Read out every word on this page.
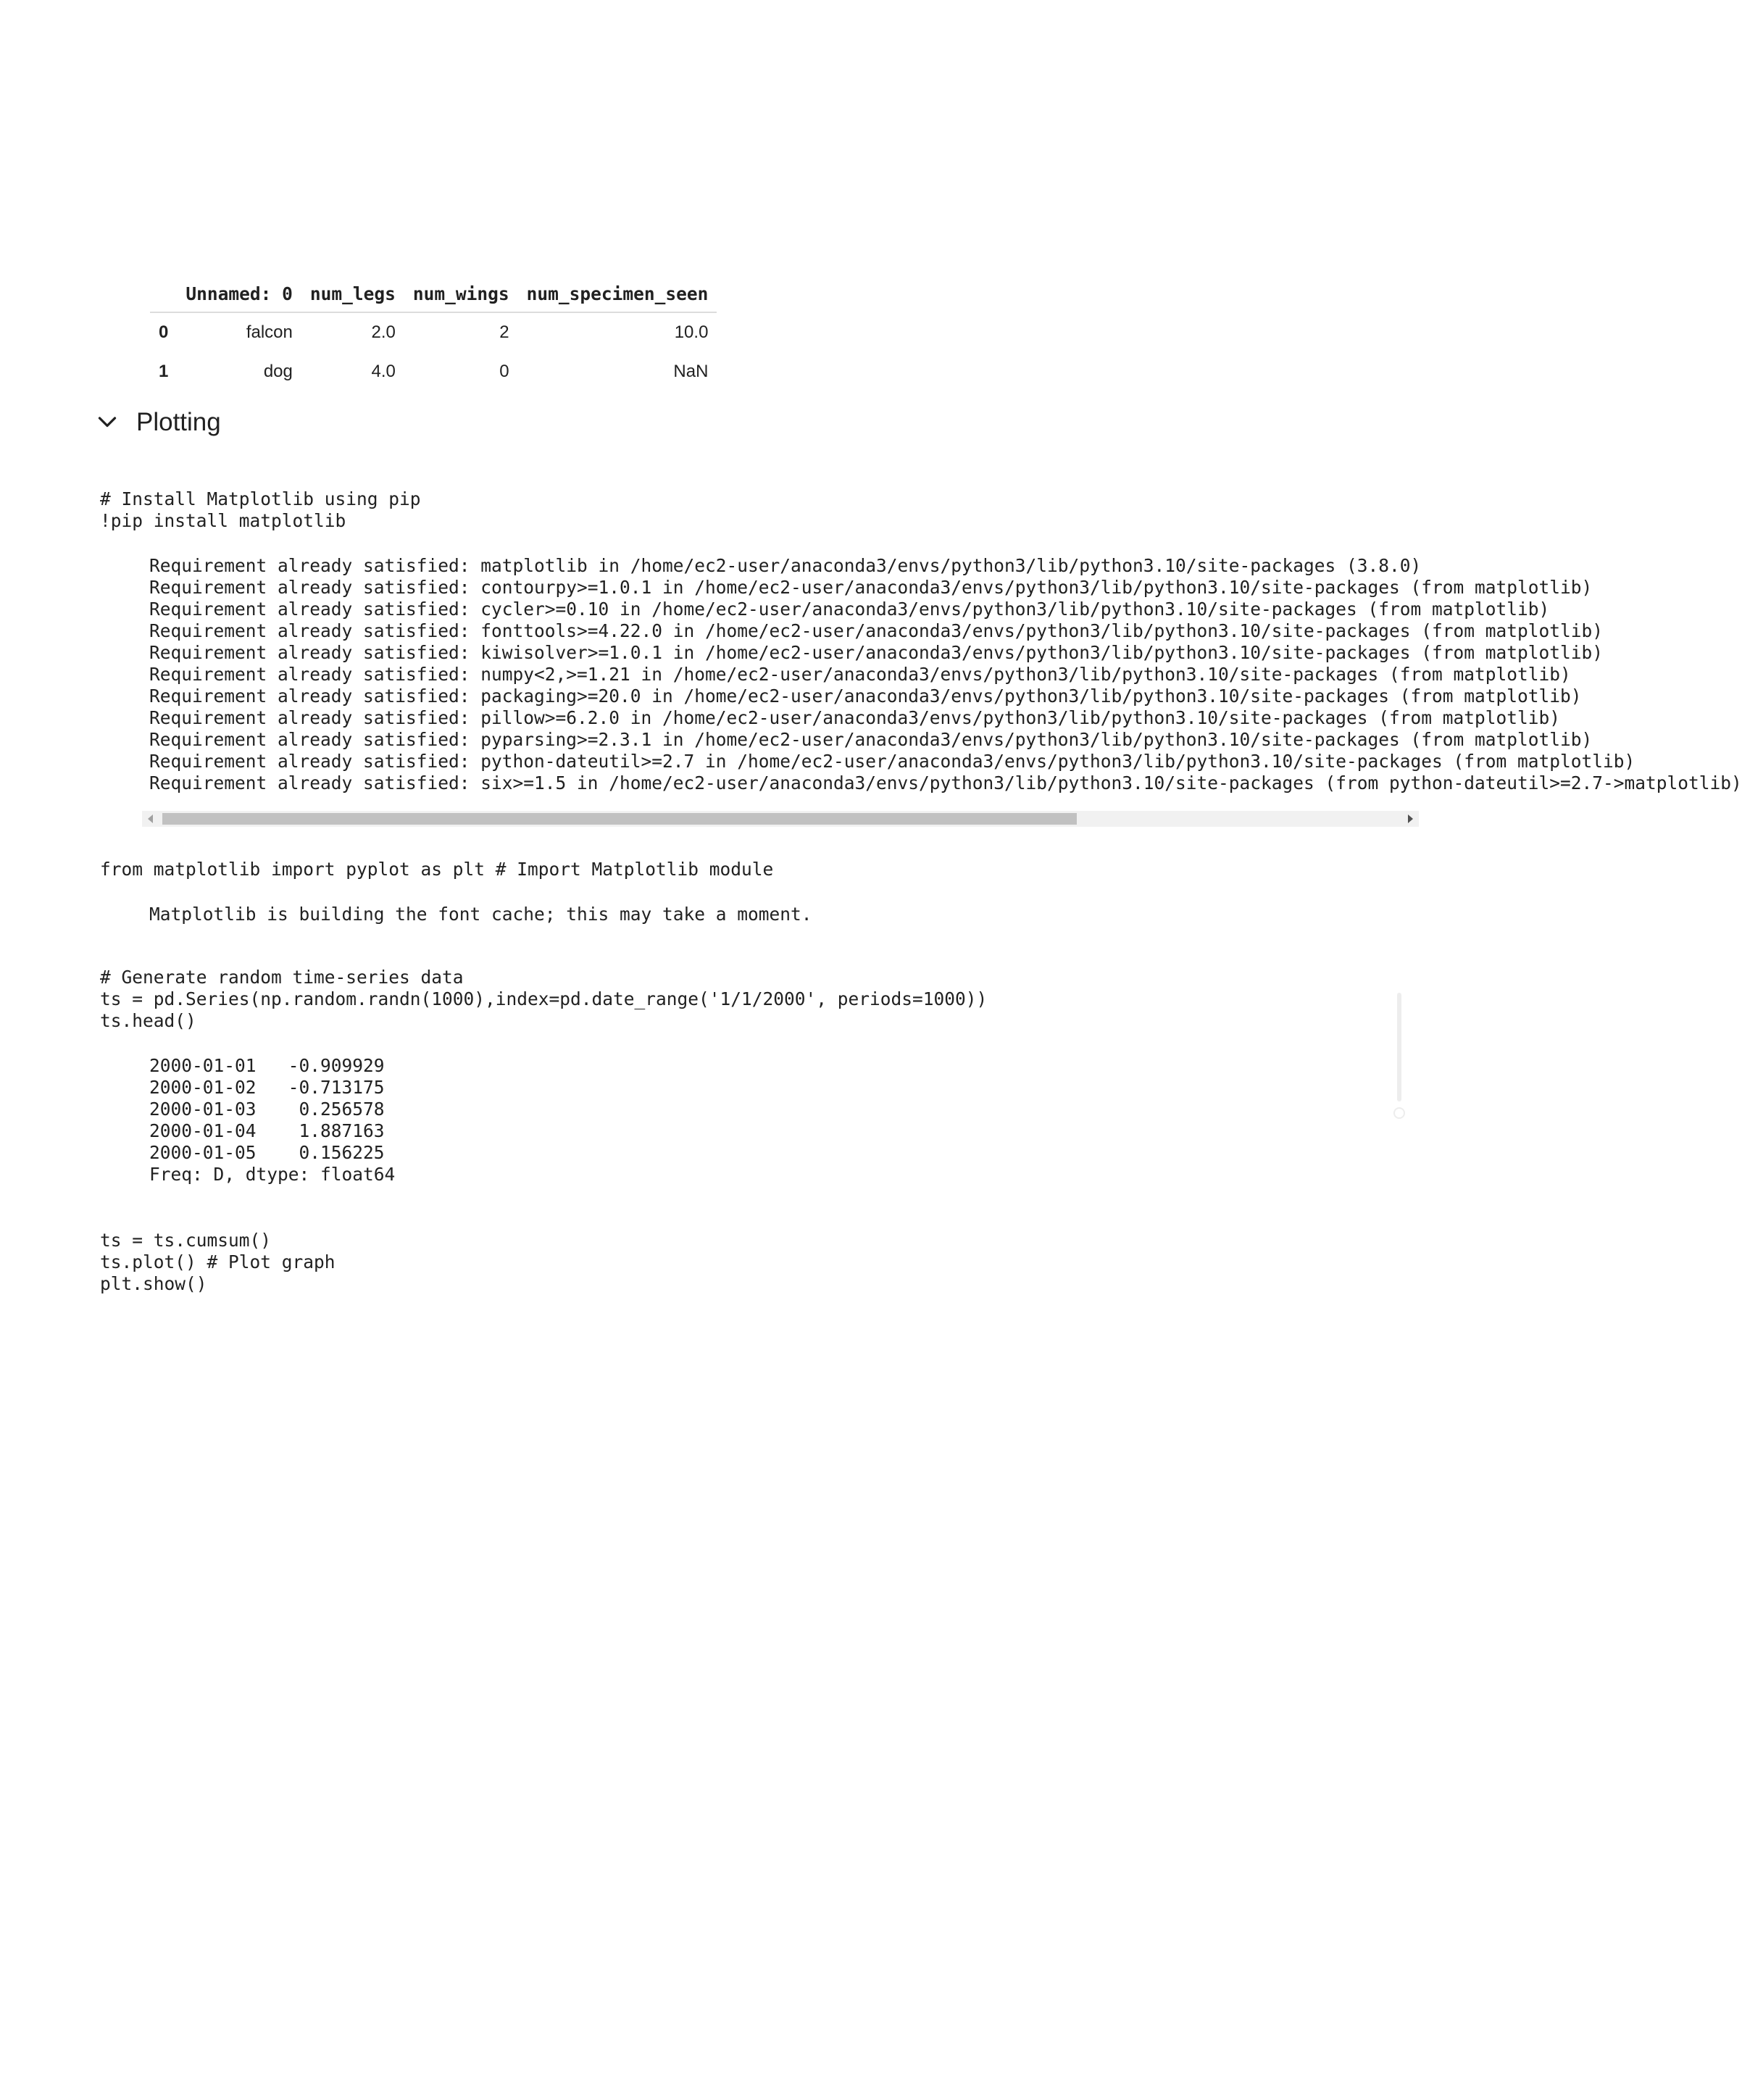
	Unnamed: 0	num_legs	num_wings	num_specimen_seen
0	falcon	2.0	2	10.0
1	dog	4.0	0	NaN
Plotting
# Install Matplotlib using pip
!pip install matplotlib
Requirement already satisfied: matplotlib in /home/ec2-user/anaconda3/envs/python3/lib/python3.10/site-packages (3.8.0)
Requirement already satisfied: contourpy>=1.0.1 in /home/ec2-user/anaconda3/envs/python3/lib/python3.10/site-packages (from matplotlib)
Requirement already satisfied: cycler>=0.10 in /home/ec2-user/anaconda3/envs/python3/lib/python3.10/site-packages (from matplotlib)
Requirement already satisfied: fonttools>=4.22.0 in /home/ec2-user/anaconda3/envs/python3/lib/python3.10/site-packages (from matplotlib)
Requirement already satisfied: kiwisolver>=1.0.1 in /home/ec2-user/anaconda3/envs/python3/lib/python3.10/site-packages (from matplotlib)
Requirement already satisfied: numpy<2,>=1.21 in /home/ec2-user/anaconda3/envs/python3/lib/python3.10/site-packages (from matplotlib)
Requirement already satisfied: packaging>=20.0 in /home/ec2-user/anaconda3/envs/python3/lib/python3.10/site-packages (from matplotlib)
Requirement already satisfied: pillow>=6.2.0 in /home/ec2-user/anaconda3/envs/python3/lib/python3.10/site-packages (from matplotlib)
Requirement already satisfied: pyparsing>=2.3.1 in /home/ec2-user/anaconda3/envs/python3/lib/python3.10/site-packages (from matplotlib)
Requirement already satisfied: python-dateutil>=2.7 in /home/ec2-user/anaconda3/envs/python3/lib/python3.10/site-packages (from matplotlib)
Requirement already satisfied: six>=1.5 in /home/ec2-user/anaconda3/envs/python3/lib/python3.10/site-packages (from python-dateutil>=2.7->matplotlib)
from matplotlib import pyplot as plt # Import Matplotlib module
Matplotlib is building the font cache; this may take a moment.
# Generate random time-series data
ts = pd.Series(np.random.randn(1000),index=pd.date_range('1/1/2000', periods=1000))
ts.head()
2000-01-01   -0.909929
2000-01-02   -0.713175
2000-01-03    0.256578
2000-01-04    1.887163
2000-01-05    0.156225
Freq: D, dtype: float64
ts = ts.cumsum()
ts.plot() # Plot graph
plt.show()
